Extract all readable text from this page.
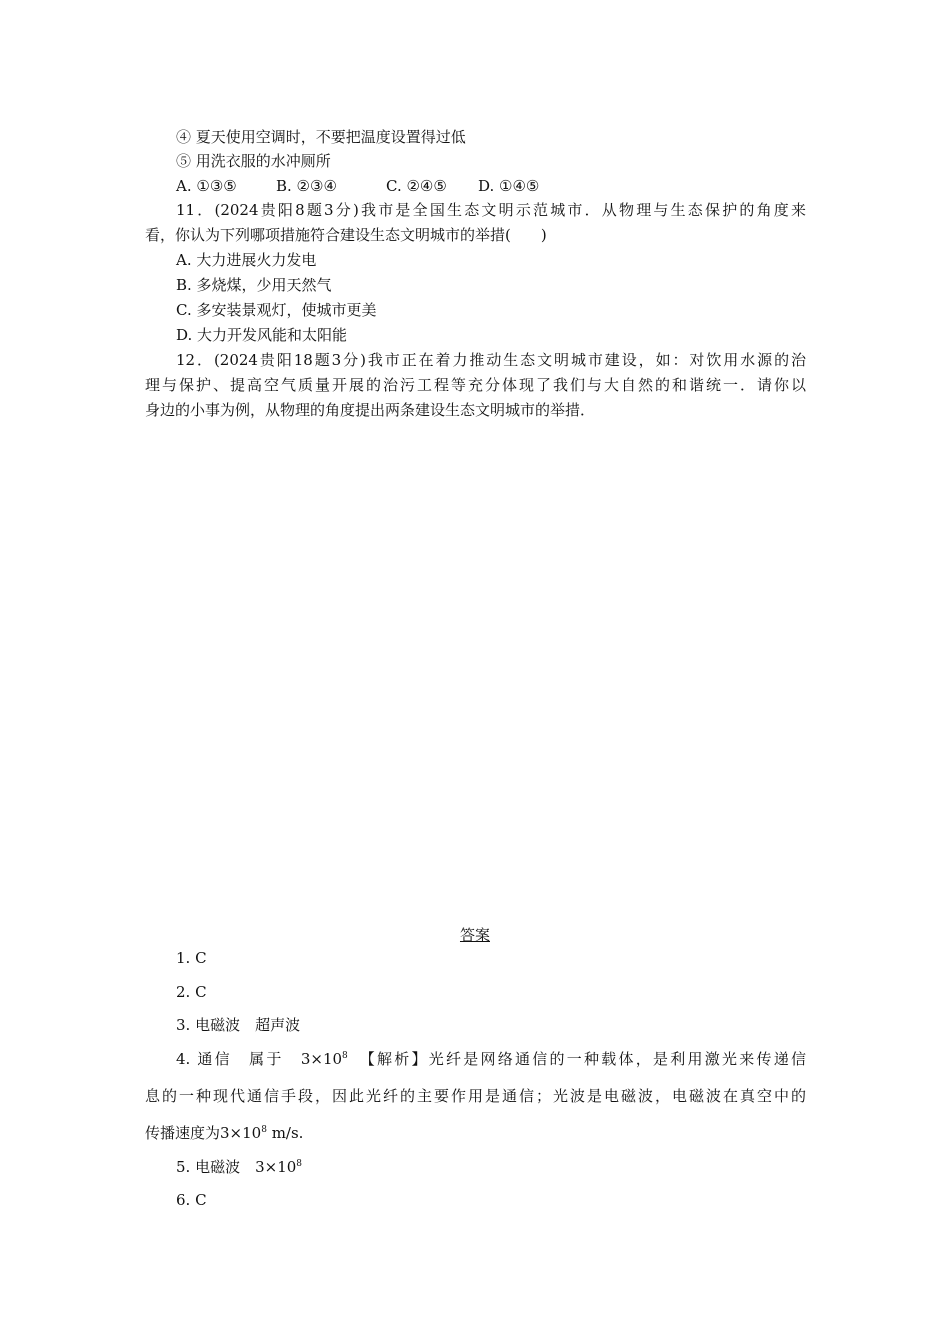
④ 夏天使用空调时，不要把温度设置得过低
⑤ 用洗衣服的水冲厕所
A. ①③⑤	B. ②③④	C. ②④⑤ D. ①④⑤
11．(2024贵阳8题3分)我市是全国生态文明示范城市．从物理与生态保护的角度来
看，你认为下列哪项措施符合建设生态文明城市的举措(　　)
A. 大力进展火力发电
B. 多烧煤，少用天然气
C. 多安装景观灯，使城市更美
D. 大力开发风能和太阳能
12．(2024贵阳18题3分)我市正在着力推动生态文明城市建设，如：对饮用水源的治
理与保护、提高空气质量开展的治污工程等充分体现了我们与大自然的和谐统一．请你以
身边的小事为例，从物理的角度提出两条建设生态文明城市的举措．
答案
1. C
2. C
3. 电磁波　超声波
4. 通信　属于　$3\times 10^8$　【解析】光纤是网络通信的一种载体，是利用激光来传递信
息的一种现代通信手段，因此光纤的主要作用是通信；光波是电磁波，电磁波在真空中的
传播速度为$3\times 10^8$ m/s.
5. 电磁波　$3\times 10^8$
6. C
